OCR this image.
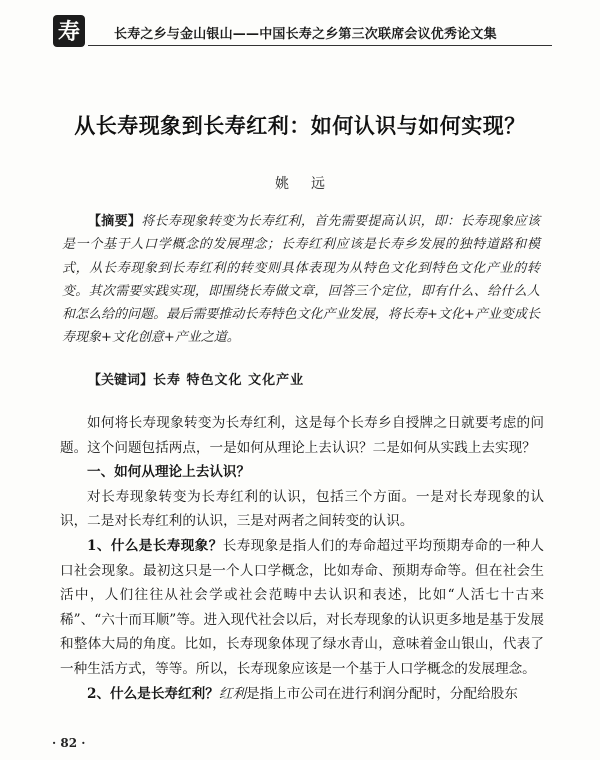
寿	长寿之乡与金山银山——中国长寿之乡第三次联席会议优秀论文集
从长寿现象到长寿红利：如何认识与如何实现？
姚远
【摘要】将长寿现象转变为长寿红利，首先需要提高认识，即：长寿现象应该是一个基于人口学概念的发展理念；长寿红利应该是长寿乡发展的独特道路和模式，从长寿现象到长寿红利的转变则具体表现为从特色文化到特色文化产业的转变。其次需要实践实现，即围绕长寿做文章，回答三个定位，即有什么、给什么人和怎么给的问题。最后需要推动长寿特色文化产业发展，将长寿+文化+产业变成长寿现象+文化创意+产业之道。
【关键词】长寿 特色文化 文化产业

如何将长寿现象转变为长寿红利，这是每个长寿乡自授牌之日就要考虑的问题。这个问题包括两点，一是如何从理论上去认识？二是如何从实践上去实现？

一、如何从理论上去认识？

对长寿现象转变为长寿红利的认识，包括三个方面。一是对长寿现象的认识，二是对长寿红利的认识，三是对两者之间转变的认识。

1、什么是长寿现象？长寿现象是指人们的寿命超过平均预期寿命的一种人口社会现象。最初这只是一个人口学概念，比如寿命、预期寿命等。但在社会生活中，人们往往从社会学或社会范畴中去认识和表述，比如“人活七十古来稀”、“六十而耳顺”等。进入现代社会以后，对长寿现象的认识更多地是基于发展和整体大局的角度。比如，长寿现象体现了绿水青山，意味着金山银山，代表了一种生活方式，等等。所以，长寿现象应该是一个基于人口学概念的发展理念。

2、什么是长寿红利？红利是指上市公司在进行利润分配时，分配给股东

· 82 ·
